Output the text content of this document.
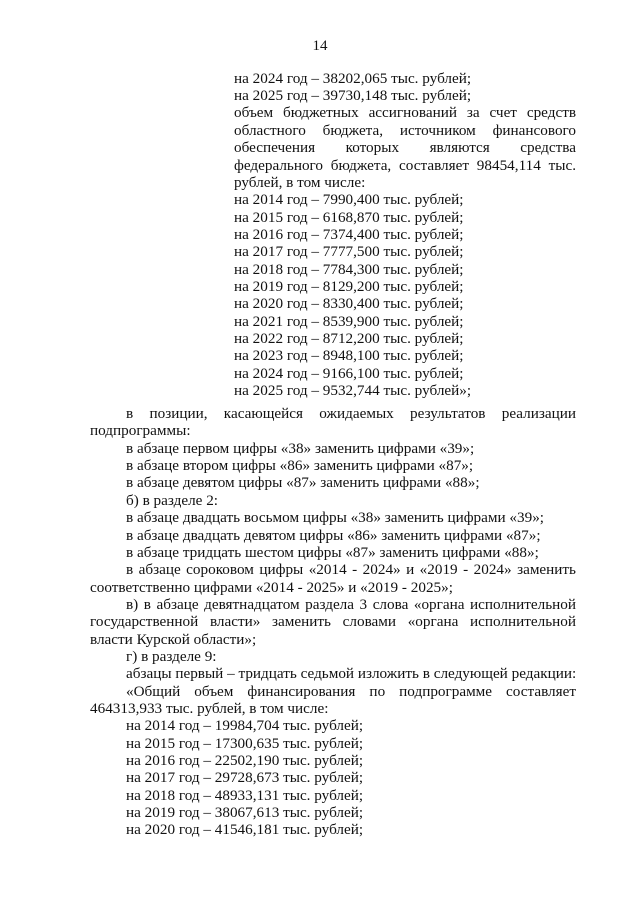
14
на 2024 год – 38202,065 тыс. рублей;
на 2025 год – 39730,148 тыс. рублей;
объем бюджетных ассигнований за счет средств
областного бюджета, источником финансового
обеспечения которых являются средства
федерального бюджета, составляет 98454,114 тыс.
рублей, в том числе:
на 2014 год – 7990,400 тыс. рублей;
на 2015 год – 6168,870 тыс. рублей;
на 2016 год – 7374,400 тыс. рублей;
на 2017 год – 7777,500 тыс. рублей;
на 2018 год – 7784,300 тыс. рублей;
на 2019 год – 8129,200 тыс. рублей;
на 2020 год – 8330,400 тыс. рублей;
на 2021 год – 8539,900 тыс. рублей;
на 2022 год – 8712,200 тыс. рублей;
на 2023 год – 8948,100 тыс. рублей;
на 2024 год – 9166,100 тыс. рублей;
на 2025 год – 9532,744 тыс. рублей»;
в позиции, касающейся ожидаемых результатов реализации
подпрограммы:
в абзаце первом цифры «38» заменить цифрами «39»;
в абзаце втором цифры «86» заменить цифрами «87»;
в абзаце девятом цифры «87» заменить цифрами «88»;
б) в разделе 2:
в абзаце двадцать восьмом цифры «38» заменить цифрами «39»;
в абзаце двадцать девятом цифры «86» заменить цифрами «87»;
в абзаце тридцать шестом цифры «87» заменить цифрами «88»;
в абзаце сороковом цифры «2014 - 2024» и «2019 - 2024» заменить
соответственно цифрами «2014 - 2025» и «2019 - 2025»;
в) в абзаце девятнадцатом раздела 3 слова «органа исполнительной
государственной власти» заменить словами «органа исполнительной
власти Курской области»;
г) в разделе 9:
абзацы первый – тридцать седьмой изложить в следующей редакции:
«Общий объем финансирования по подпрограмме составляет
464313,933 тыс. рублей, в том числе:
на 2014 год – 19984,704 тыс. рублей;
на 2015 год – 17300,635 тыс. рублей;
на 2016 год – 22502,190 тыс. рублей;
на 2017 год – 29728,673 тыс. рублей;
на 2018 год – 48933,131 тыс. рублей;
на 2019 год – 38067,613 тыс. рублей;
на 2020 год – 41546,181 тыс. рублей;
